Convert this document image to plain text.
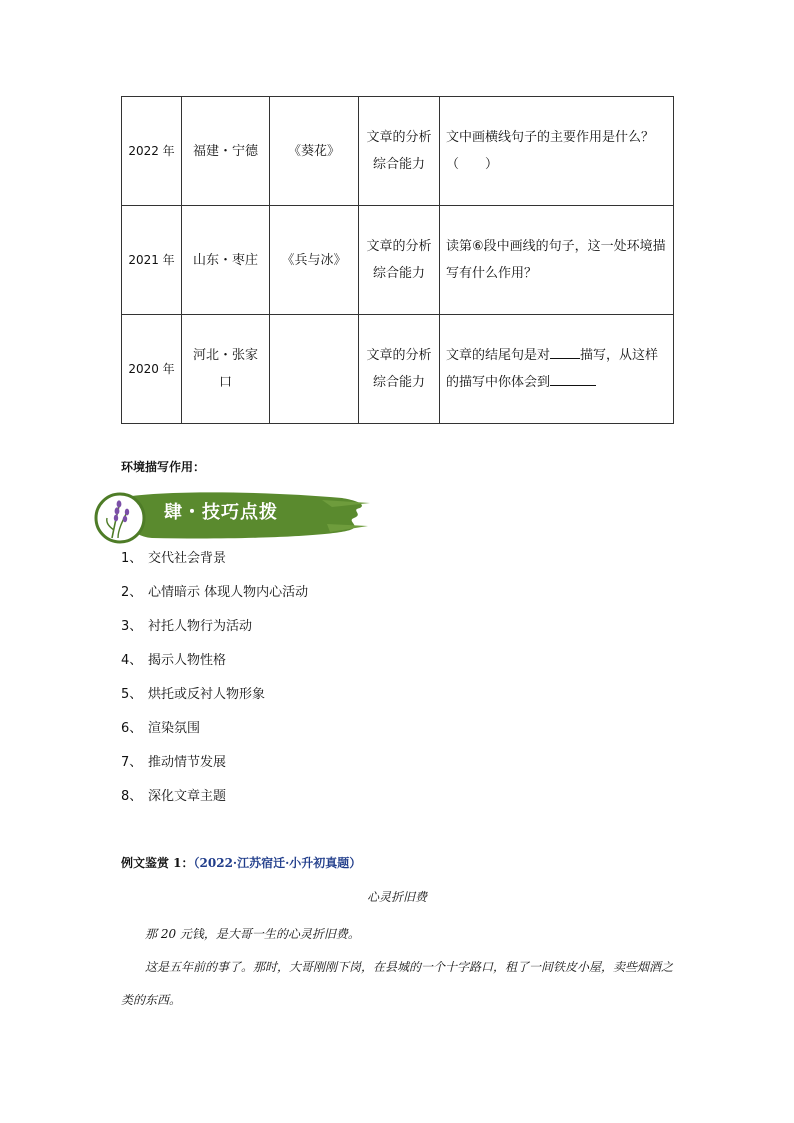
2022 年	福建・宁德	《葵花》	文章的分析综合能力	文中画横线句子的主要作用是什么？（　　）
2021 年	山东・枣庄	《兵与冰》	文章的分析综合能力	读第⑥段中画线的句子，这一处环境描写有什么作用？
2020 年	河北・张家口		文章的分析综合能力	文章的结尾句是对 描写，从这样的描写中你体会到
环境描写作用：
肆・技巧点拨
1、 交代社会背景
2、 心情暗示 体现人物内心活动
3、 衬托人物行为活动
4、 揭示人物性格
5、 烘托或反衬人物形象
6、 渲染氛围
7、 推动情节发展
8、 深化文章主题
例文鉴赏 1：（2022·江苏宿迁·小升初真题）
心灵折旧费

那 20 元钱，是大哥一生的心灵折旧费。

这是五年前的事了。那时，大哥刚刚下岗，在县城的一个十字路口，租了一间铁皮小屋，卖些烟酒之类的东西。
